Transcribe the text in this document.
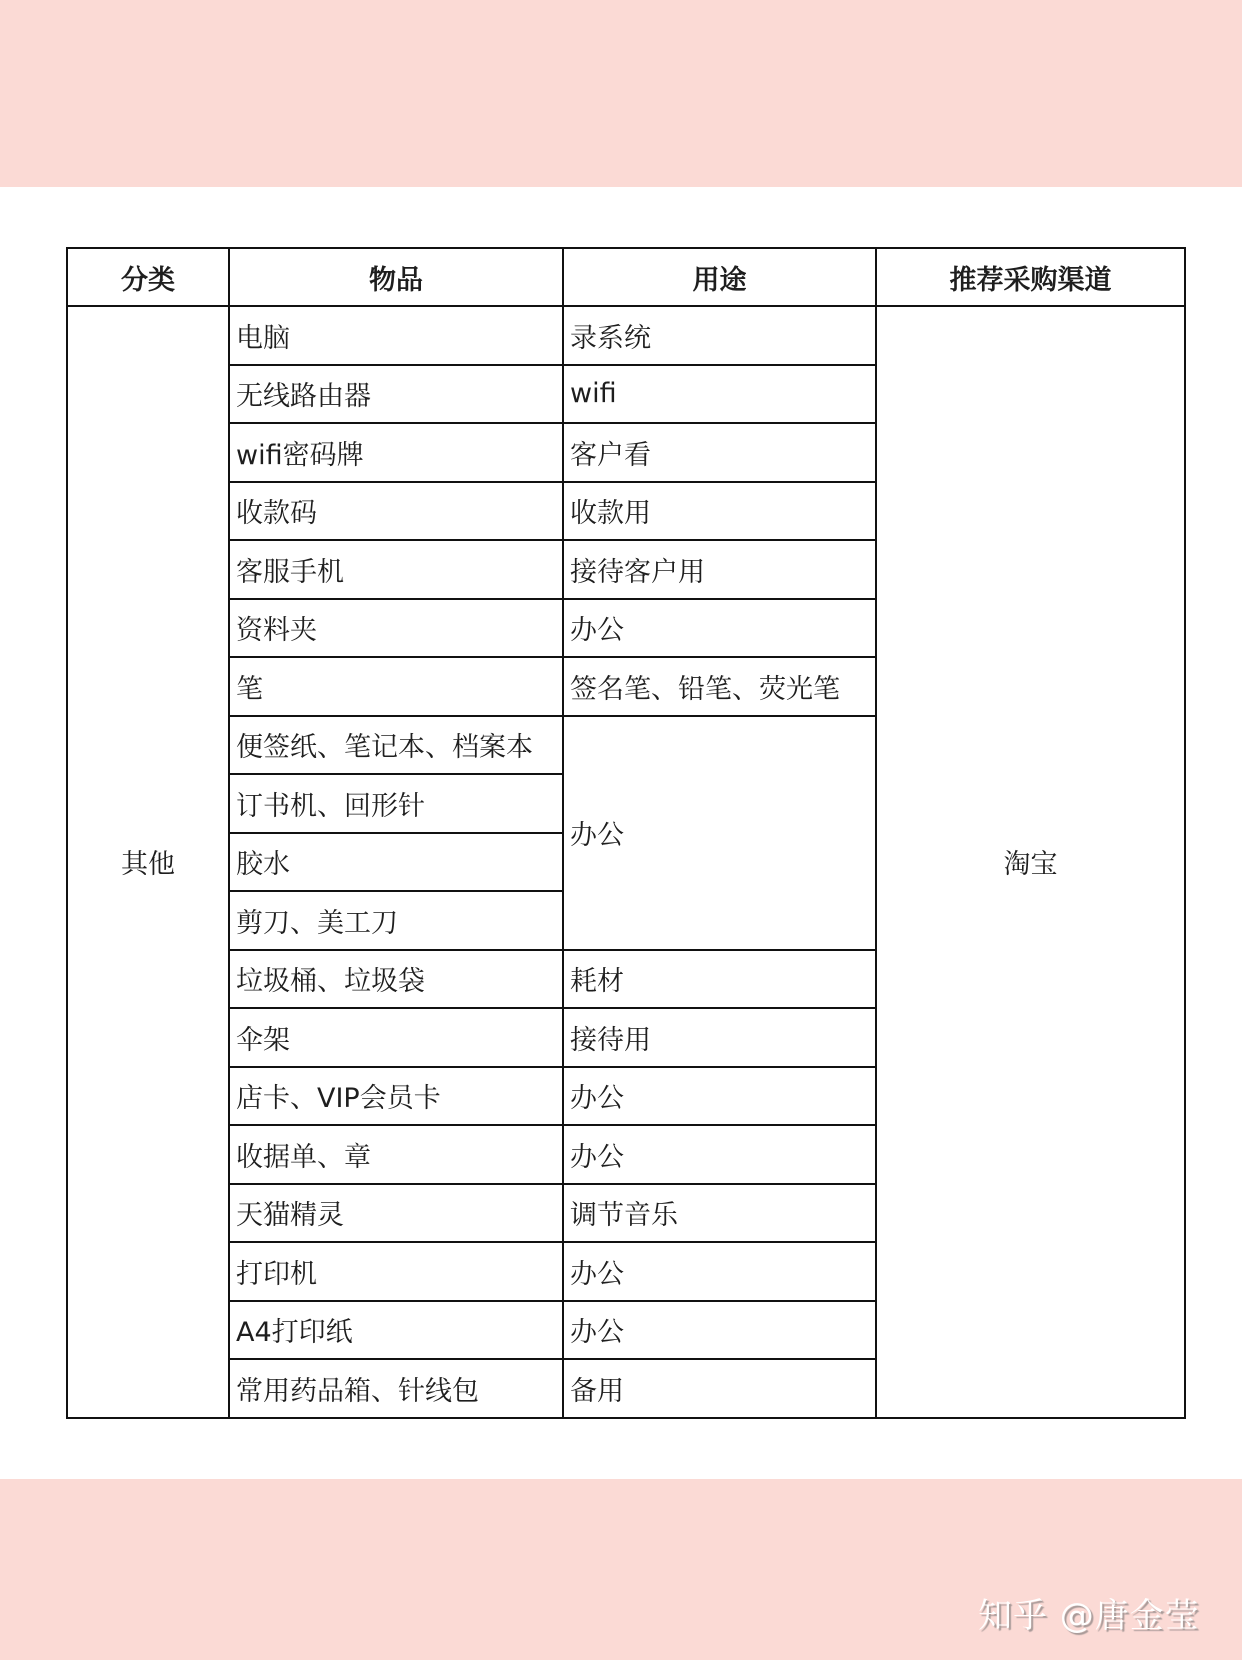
分类	物品	用途	推荐采购渠道
其他	电脑	录系统	淘宝
	无线路由器	wifi	
	wifi密码牌	客户看	
	收款码	收款用	
	客服手机	接待客户用	
	资料夹	办公	
	笔	签名笔、铅笔、荧光笔	
	便签纸、笔记本、档案本	办公	
	订书机、回形针		
	胶水		
	剪刀、美工刀		
	垃圾桶、垃圾袋	耗材	
	伞架	接待用	
	店卡、VIP会员卡	办公	
	收据单、章	办公	
	天猫精灵	调节音乐	
	打印机	办公	
	A4打印纸	办公	
	常用药品箱、针线包	备用	
知乎 @唐金莹
